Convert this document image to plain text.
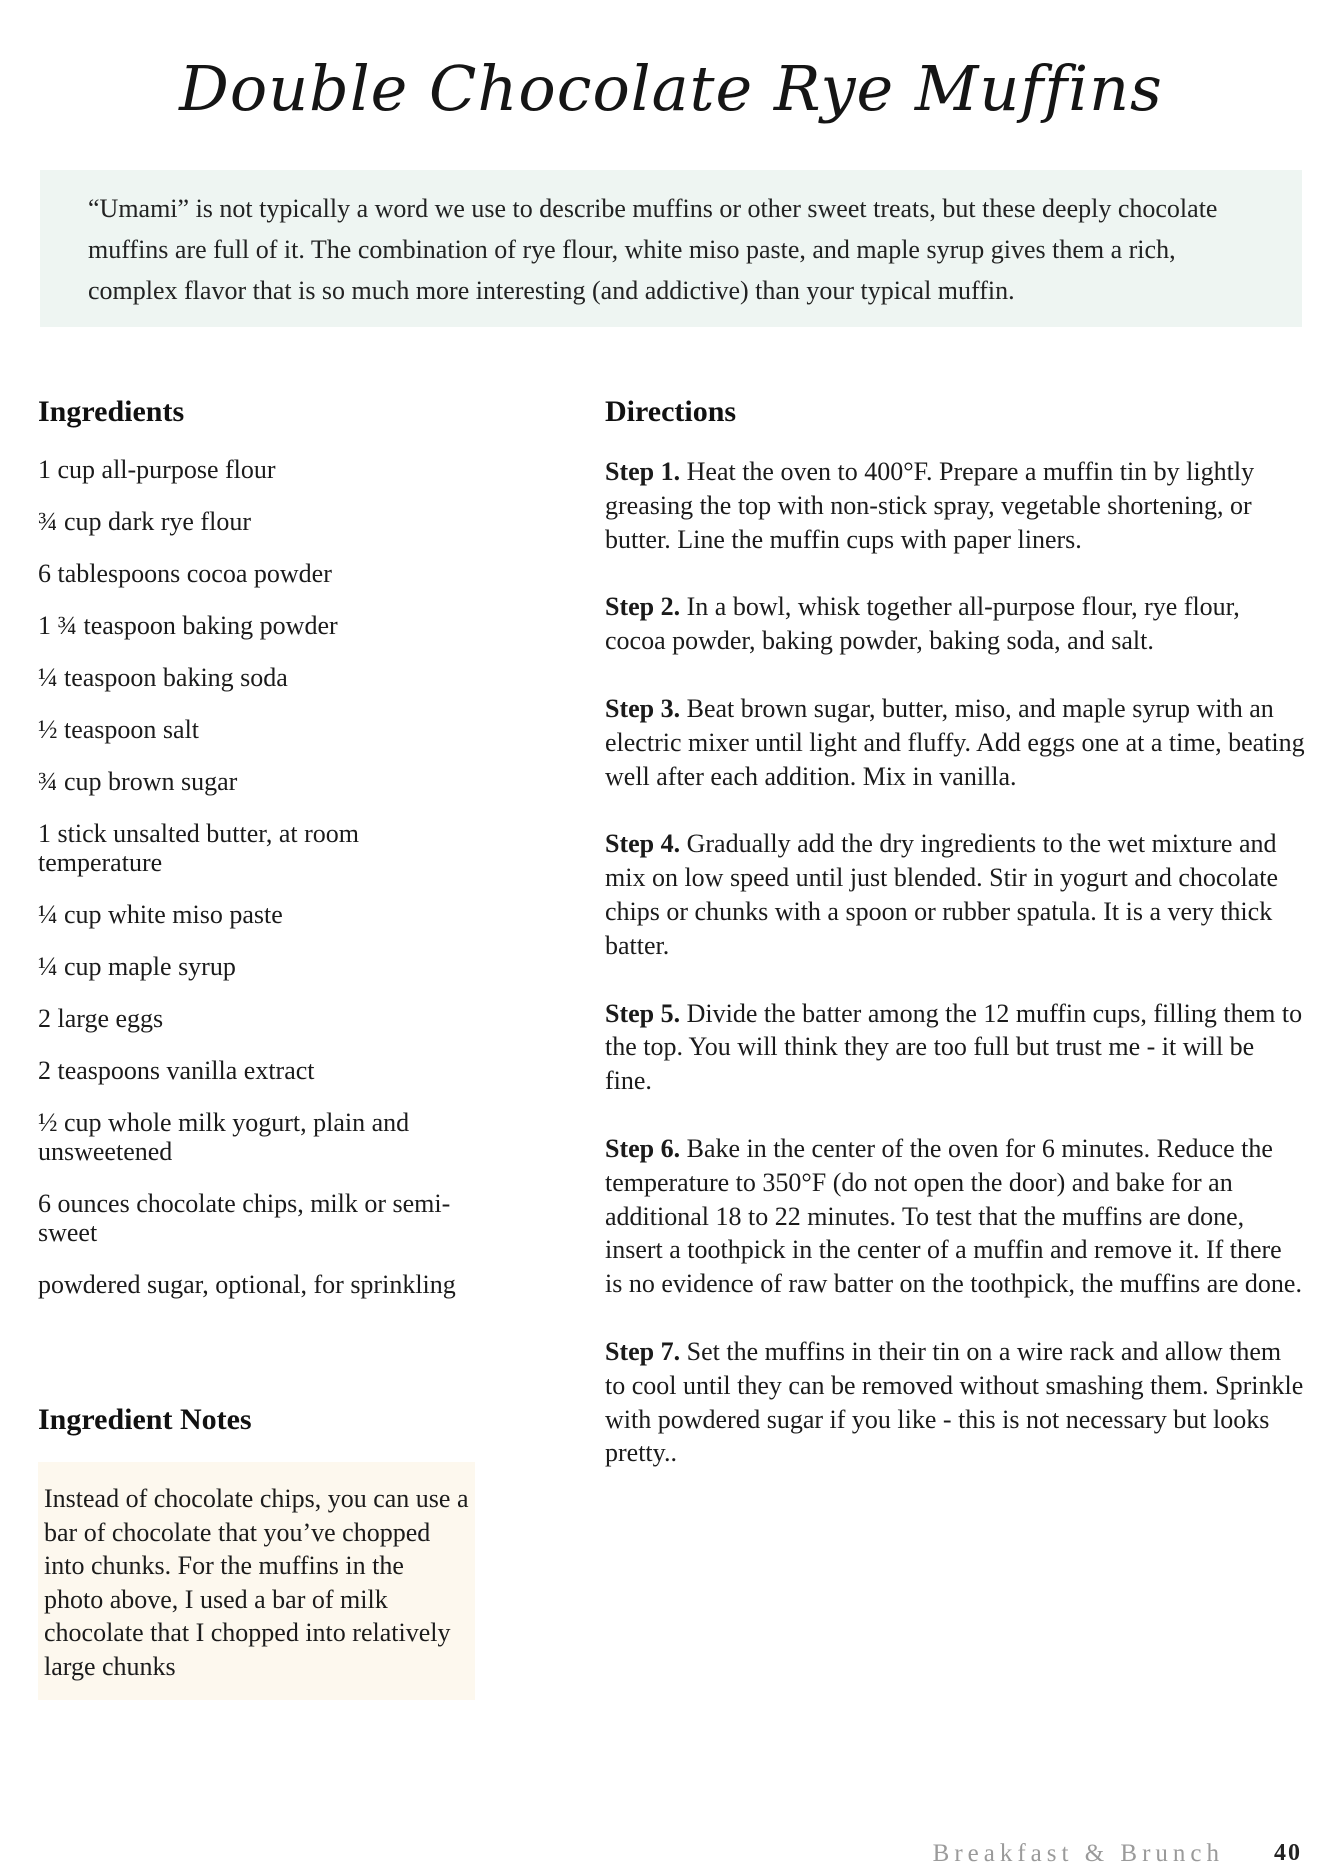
Double Chocolate Rye Muffins
“Umami” is not typically a word we use to describe muffins or other sweet treats, but these deeply chocolate muffins are full of it. The combination of rye flour, white miso paste, and maple syrup gives them a rich, complex flavor that is so much more interesting (and addictive) than your typical muffin.
Ingredients
1 cup all-purpose flour
¾ cup dark rye flour
6 tablespoons cocoa powder
1 ¾ teaspoon baking powder
¼ teaspoon baking soda
½ teaspoon salt
¾ cup brown sugar
1 stick unsalted butter, at room temperature
¼ cup white miso paste
¼ cup maple syrup
2 large eggs
2 teaspoons vanilla extract
½ cup whole milk yogurt, plain and unsweetened
6 ounces chocolate chips, milk or semi-sweet
powdered sugar, optional, for sprinkling
Ingredient Notes
Instead of chocolate chips, you can use a bar of chocolate that you’ve chopped into chunks. For the muffins in the photo above, I used a bar of milk chocolate that I chopped into relatively large chunks
Directions

Step 1. Heat the oven to 400°F. Prepare a muffin tin by lightly greasing the top with non-stick spray, vegetable shortening, or butter. Line the muffin cups with paper liners.

Step 2. In a bowl, whisk together all-purpose flour, rye flour, cocoa powder, baking powder, baking soda, and salt.

Step 3. Beat brown sugar, butter, miso, and maple syrup with an electric mixer until light and fluffy. Add eggs one at a time, beating well after each addition. Mix in vanilla.

Step 4. Gradually add the dry ingredients to the wet mixture and mix on low speed until just blended. Stir in yogurt and chocolate chips or chunks with a spoon or rubber spatula. It is a very thick batter.

Step 5. Divide the batter among the 12 muffin cups, filling them to the top. You will think they are too full but trust me - it will be fine.

Step 6. Bake in the center of the oven for 6 minutes. Reduce the temperature to 350°F (do not open the door) and bake for an additional 18 to 22 minutes. To test that the muffins are done, insert a toothpick in the center of a muffin and remove it. If there is no evidence of raw batter on the toothpick, the muffins are done.

Step 7. Set the muffins in their tin on a wire rack and allow them to cool until they can be removed without smashing them. Sprinkle with powdered sugar if you like - this is not necessary but looks pretty..

Breakfast & Brunch 40
